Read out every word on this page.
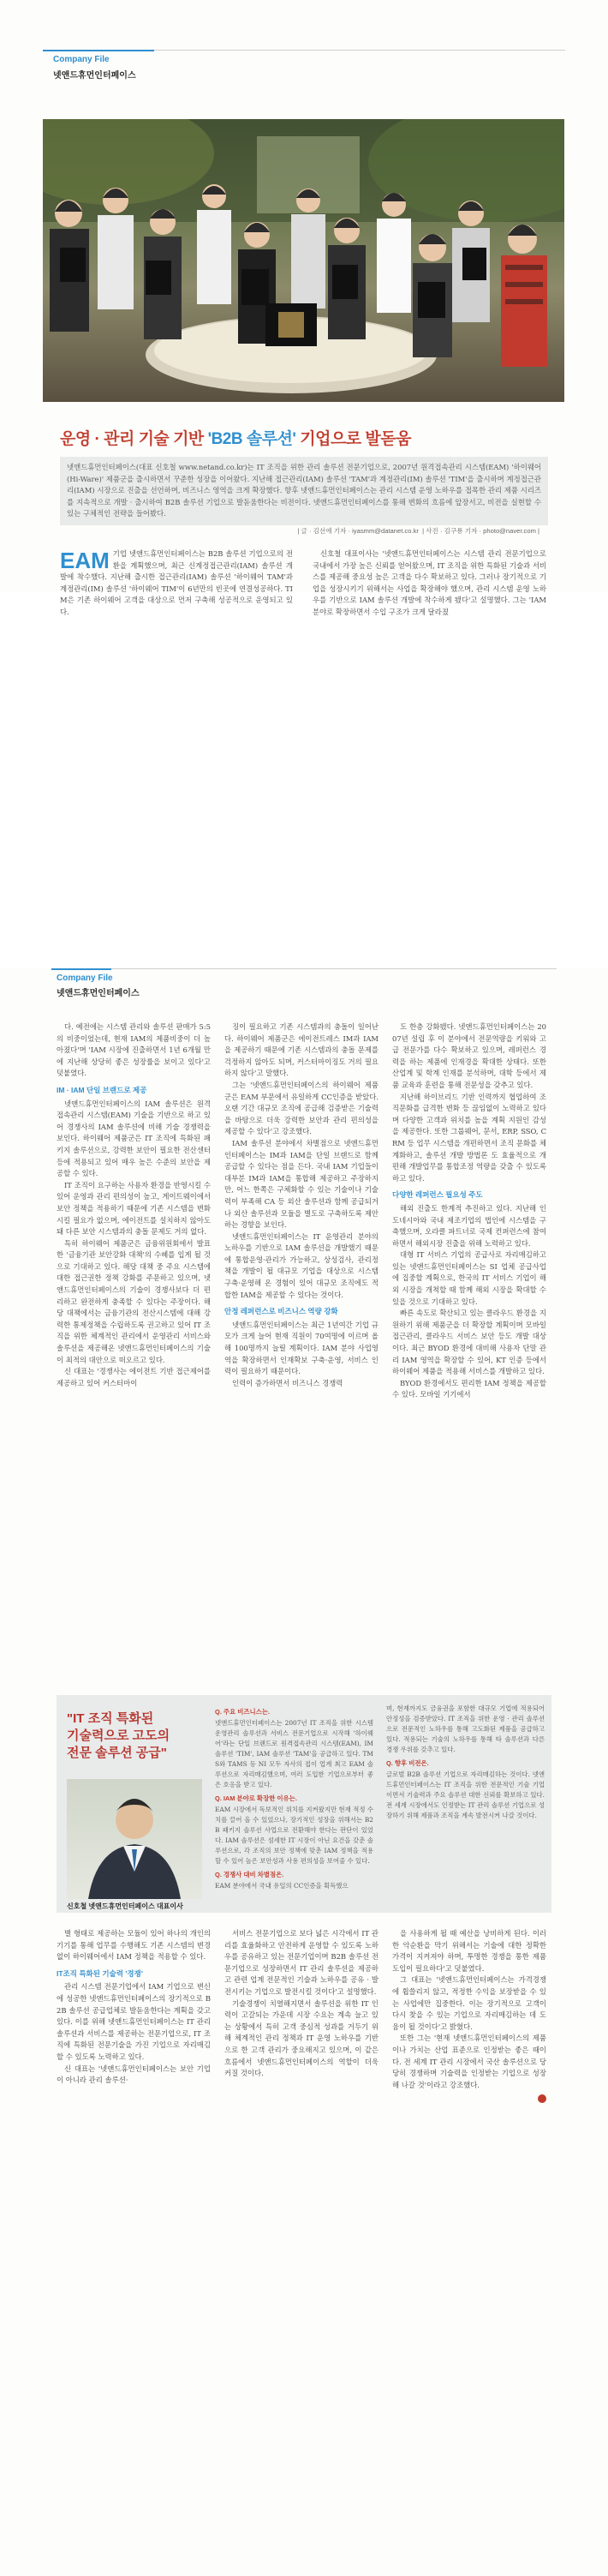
Company File
넷앤드휴먼인터페이스
운영 · 관리 기술 기반 'B2B 솔루션' 기업으로 발돋움
넷앤드휴먼인터페이스(대표 신호철 www.netand.co.kr)는 IT 조직을 위한 관리 솔루션 전문기업으로, 2007년 원격접속관리 시스템(EAM) '하이웨어(Hi-Ware)' 제품군을 출시하면서 꾸준한 성장을 이어왔다. 지난해 접근관리(IAM) 솔루션 'TAM'과 계정관리(IM) 솔루션 'TIM'을 출시하며 계정접근관리(IAM) 시장으로 진출을 선언하며, 비즈니스 영역을 크게 확장했다. 향후 넷앤드휴먼인터페이스는 관리 시스템 운영 노하우를 접목한 관리 제품 시리즈를 지속적으로 개발 · 출시하여 B2B 솔루션 기업으로 발돋움한다는 비전이다. 넷앤드휴먼인터페이스를 통해 변화의 흐름에 앞장서고, 비전을 실현할 수 있는 구체적인 전략을 들어봤다.
| 글 · 김선애 기자 · iyasmm@datanet.co.kr | 사진 · 김구룡 기자 · photo@naver.com |
EAM 기업 넷앤드휴먼인터페이스는 B2B 솔루션 기업으로의 전환을 계획했으며, 최근 신계정접근관리(IAM) 솔루션 개발에 착수했다. 지난해 출시한 접근관리(IAM) 솔루션 '하이웨어 TAM'과 계정관리(IM) 솔루션 '하이웨어 TIM'이 6년만의 빈곳에 연결성공하다. TIM은 기존 하이웨어 고객을 대상으로 먼저 구축해 성공적으로 운영되고 있다.

신호철 대표이사는 '넷앤드휴먼인터페이스는 시스템 관리 전문기업으로 국내에서 가장 높은 신뢰를 얻어왔으며, IT 조직을 위한 특화된 기술과 서비스를 제공해 중요성 높은 고객을 다수 확보하고 있다. 그러나 장기적으로 기업을 성장시키기 위해서는 사업을 확장해야 했으며, 관리 시스템 운영 노하우를 기반으로 IAM 솔루션 개발에 착수하게 됐다'고 설명했다. 그는 'IAM 분야로 확장하면서 수입 구조가 크게 달라졌

Company File
넷앤드휴먼인터페이스

다. 예전에는 시스템 관리와 솔루션 판매가 5:5의 비중이었는데, 현재 IAM의 제품비중이 더 높아졌다'며 'IAM 시장에 진출하면서 1년 6개월 만에 지난해 상당히 좋은 성장률을 보이고 있다'고 덧붙였다.

IM · IAM 단일 브랜드로 제공

넷앤드휴먼인터페이스의 IAM 솔루션은 원격접속관리 시스템(EAM) 기술을 기반으로 하고 있어 경쟁사의 IAM 솔루션에 비해 기술 경쟁력을 보인다. 하이웨어 제품군은 IT 조직에 특화된 패키지 솔루션으로, 강력한 보안이 필요한 전산센터 등에 적용되고 있어 매우 높은 수준의 보안을 제공할 수 있다.

IT 조직이 요구하는 사용자 환경을 반영시킬 수 있어 운영과 관리 편의성이 높고, 게이트웨이에서 보안 정책을 적용하기 때문에 기존 시스템을 변화시킬 필요가 없으며, 에이전트를 설치하지 않아도 돼 다른 보안 시스템과의 충돌 문제도 거의 없다.

특히 하이웨어 제품군은 금융위원회에서 발표한 '금융기관 보안강화 대책'의 수혜를 입게 될 것으로 기대하고 있다. 해당 대책 중 주요 시스템에 대한 접근권한 정책 강화를 주문하고 있으며, 넷앤드휴먼인터페이스의 기술이 경쟁사보다 더 편리하고 완전하게 충족할 수 있다는 주장이다. 해당 대책에서는 금융기관의 전산시스템에 대해 강력한 통제정책을 수립하도록 권고하고 있어 IT 조직을 위한 체계적인 관리에서 운영관리 서비스와 솔루션을 제공해온 넷앤드휴먼인터페이스의 기술이 최적의 대안으로 떠오르고 있다.

신 대표는 '경쟁사는 에이전트 기반 접근제어를 제공하고 있어 커스터마이

징이 필요하고 기존 시스템과의 충돌이 일어난다. 하이웨어 제품군은 에이전트레스 IM과 IAM을 제공하기 때문에 기존 시스템과의 충돌 문제를 걱정하지 않아도 되며, 커스터마이징도 거의 필요하지 않다'고 말했다.

그는 '넷앤드휴먼인터페이스의 하이웨어 제품군은 EAM 부문에서 유일하게 CC인증을 받았다. 오랜 기간 대규모 조직에 공급해 검증받은 기술력을 바탕으로 더욱 강력한 보안과 관리 편의성을 제공할 수 있다'고 강조했다.

IAM 솔루션 분야에서 차별점으로 넷앤드휴먼인터페이스는 IM과 IAM을 단일 브랜드로 함께 공급할 수 있다는 점을 든다. 국내 IAM 기업들이 대부분 IM과 IAM을 통합해 제공하고 주장하지만, 어느 한쪽은 구체화할 수 있는 기술이나 기술력이 부족해 CA 등 외산 솔루션과 함께 공급되거나 외산 솔루션과 모듈을 별도로 구축하도록 제안하는 경향을 보인다.

넷앤드휴먼인터페이스는 IT 운영관리 분야의 노하우를 기반으로 IAM 솔루션을 개발했기 때문에 통합운영·관리가 가능하고, 상성검사, 관리정책을 개발이 될 대규모 기업을 대상으로 시스템 구축·운영해 온 경험이 있어 대규모 조직에도 적합한 IAM을 제공할 수 있다는 것이다.

안정 레퍼런스로 비즈니스 역량 강화

넷앤드휴먼인터페이스는 최근 1년여간 기업 규모가 크게 늘어 현재 직원이 70여명에 이르며 올해 100명까지 늘릴 계획이다. IAM 분야 사업영역을 확장하면서 인재확보 구축·운영, 서비스 인력이 필요하기 때문이다.

인력이 증가하면서 비즈니스 경쟁력

도 한층 강화됐다. 넷앤드휴먼인터페이스는 2007년 설립 후 이 분야에서 전문역량을 키워와 고급 전문가를 다수 확보하고 있으며, 레퍼런스 경력을 하는 제품에 인재경을 확대한 상태다. 또한 산업계 및 학계 인재를 분석하며, 대학 등에서 제품 교육과 훈련을 통해 전문성을 갖추고 있다.

지난해 하이브리드 기반 인력까지 협업하여 조직문화를 급격한 변화 등 끊임없이 노력하고 있다며 다양한 고객과 위치를 높을 계획 지원인 감성을 제공한다. 또한 그룹웨어, 문서, ERP, SSO, CRM 등 업무 시스템을 개편하면서 조직 문화를 체계화하고, 솔루션 개발 방법론 도 효율적으로 개편해 개발업무를 통합조정 역량을 갖출 수 있도록 하고 있다.

다양한 레퍼런스 필요성 주도

해외 진출도 한계적 추진하고 있다. 지난해 인도네시아와 국내 제조기업의 법인에 시스템을 구축했으며, 오라클 파트너로 국제 컨퍼런스에 참여하면서 해외시장 진출을 위해 노력하고 있다.

대형 IT 서비스 기업의 공급사로 자리매김하고 있는 넷앤드휴먼인터페이스는 SI 업체 공급사업에 집중할 계획으로, 한국의 IT 서비스 기업이 해외 시장을 개척할 때 함께 해외 시장을 확대할 수 있을 것으로 기대하고 있다.

빠른 속도로 확산되고 있는 클라우드 환경을 지원하기 위해 제품군을 더 확장할 계획이며 모바일 접근관리, 클라우드 서비스 보안 등도 개발 대상이다. 최근 BYOD 환경에 대비해 사용자 단말 관리 IAM 영역을 확장할 수 있어, KT 인증 등에서 하이웨어 제품을 적용해 서비스를 개발하고 있다.

BYOD 환경에서도 편리한 IAM 정책을 제공할 수 있다. 모바일 기기에서

"IT 조직 특화된
기술력으로 고도의
전문 솔루션 공급"
신호철 넷앤드휴먼인터페이스 대표이사
Q. 주요 비즈니스는.

넷앤드휴먼인터페이스는 2007년 IT 조직을 위한 시스템 운영관리 솔루션과 서비스 전문기업으로 시작해 '하이웨어'라는 단일 브랜드로 원격접속관리 시스템(EAM), IM 솔루션 'TIM', IAM 솔루션 'TAM'을 공급하고 있다. TMS와 TAMS 등 NI 모두 자사의 접이 업계 최고 EAM 솔루션으로 자리매김했으며, 여러 도입한 기업으로부터 좋은 호응을 받고 있다.

Q. IAM 분야로 확장한 이유는.

EAM 시장에서 독보적인 위치를 지켜왔지만 현재 적정 수치를 끌어 올 수 있었으나, 장기적인 성장을 위해서는 B2B 패키지 솔루션 사업으로 전환해야 한다는 판단이 있었다. IAM 솔루션은 섬세한 IT 시장이 아닌 요건을 갖춘 솔루션으로, 각 조직의 보안 정책에 맞춘 IAM 정책을 적용할 수 있어 높은 보안성과 사용 편의성을 보여줄 수 있다.

Q. 경쟁사 대비 차별점은.

EAM 분야에서 국내 유일의 CC인증을 획득했으

며, 현재까지도 금융권을 포함한 대규모 기업에 적용되어 안정성을 검증받았다. IT 조직을 위한 운영 · 관리 솔루션으로 전문적인 노하우를 통해 고도화된 제품을 공급하고 있다. 적용되는 기술의 노하우를 통해 타 솔루션과 다른 경쟁 우위를 갖추고 있다.

Q. 향후 비전은.

글로벌 B2B 솔루션 기업으로 자리매김하는 것이다. 넷앤드휴먼인터페이스는 IT 조직을 위한 전문적인 기술 기업이면서 기술력과 주요 솔루션 대한 신뢰를 확보하고 있다. 전 세계 시장에서도 인정받는 IT 관리 솔루션 기업으로 성장하기 위해 제품과 조직을 계속 발전시켜 나갈 것이다.

별 형태로 제공하는 모듈이 있어 하나의 개인의 기기를 통해 업무를 수행해도 기존 시스템의 변경 없이 하이웨어에서 IAM 정책을 적용할 수 있다.

IT조직 특화된 기술력 '경쟁'

관리 시스템 전문기업에서 IAM 기업으로 변신에 성공한 넷앤드휴먼인터페이스의 장기적으로 B2B 솔루션 공급업체로 발돋움한다는 계획을 갖고 있다. 이를 위해 넷앤드휴먼인터페이스는 IT 관리 솔루션과 서비스를 제공하는 전문기업으로, IT 조직에 특화된 전문기술을 가진 기업으로 자리매김할 수 있도록 노력하고 있다.

신 대표는 '넷앤드휴먼인터페이스는 보안 기업이 아니라 관리 솔루션·

서비스 전문기업으로 보다 넓은 시각에서 IT 관리를 효율화하고 안전하게 운영할 수 있도록 노하우를 공유하고 있는 전문기업이며 B2B 솔루션 전문기업으로 성장하면서 IT 관리 솔루션을 제공하고 관련 업계 전문적인 기술과 노하우를 공유 · 발전시키는 기업으로 발전시킬 것이다'고 설명했다.

기술경쟁이 치열해지면서 솔루션을 위한 IT 인력이 고갈되는 가운데 시장 수요는 계속 늘고 있는 상황에서 특히 고객 중심적 성과를 거두기 위해 체계적인 관리 정책과 IT 운영 노하우를 기반으로 한 고객 관리가 중요해지고 있으며, 이 같은 흐름에서 넷앤드휴먼인터페이스의 역할이 더욱 커질 것이다.

을 사용하게 될 때 예산을 낭비하게 된다. 이러한 악순환을 막기 위해서는 기술에 대한 정확한 가격이 지켜져야 하며, 투명한 경쟁을 통한 제품 도입이 필요하다'고 덧붙였다.

그 대표는 '넷앤드휴먼인터페이스는 가격경쟁에 휩쓸리지 않고, 적정한 수익을 보장받을 수 있는 사업에만 집중한다. 이는 장기적으로 고객이 다시 찾을 수 있는 기업으로 자리매김하는 데 도움이 될 것이다'고 밝혔다.

또한 그는 '현재 넷앤드휴먼인터페이스의 제품이나 가치는 산업 표준으로 인정받는 좋은 때이다. 전 세계 IT 관리 시장에서 국산 솔루션으로 당당히 경쟁하며 기술력을 인정받는 기업으로 성장해 나갈 것'이라고 강조했다.
